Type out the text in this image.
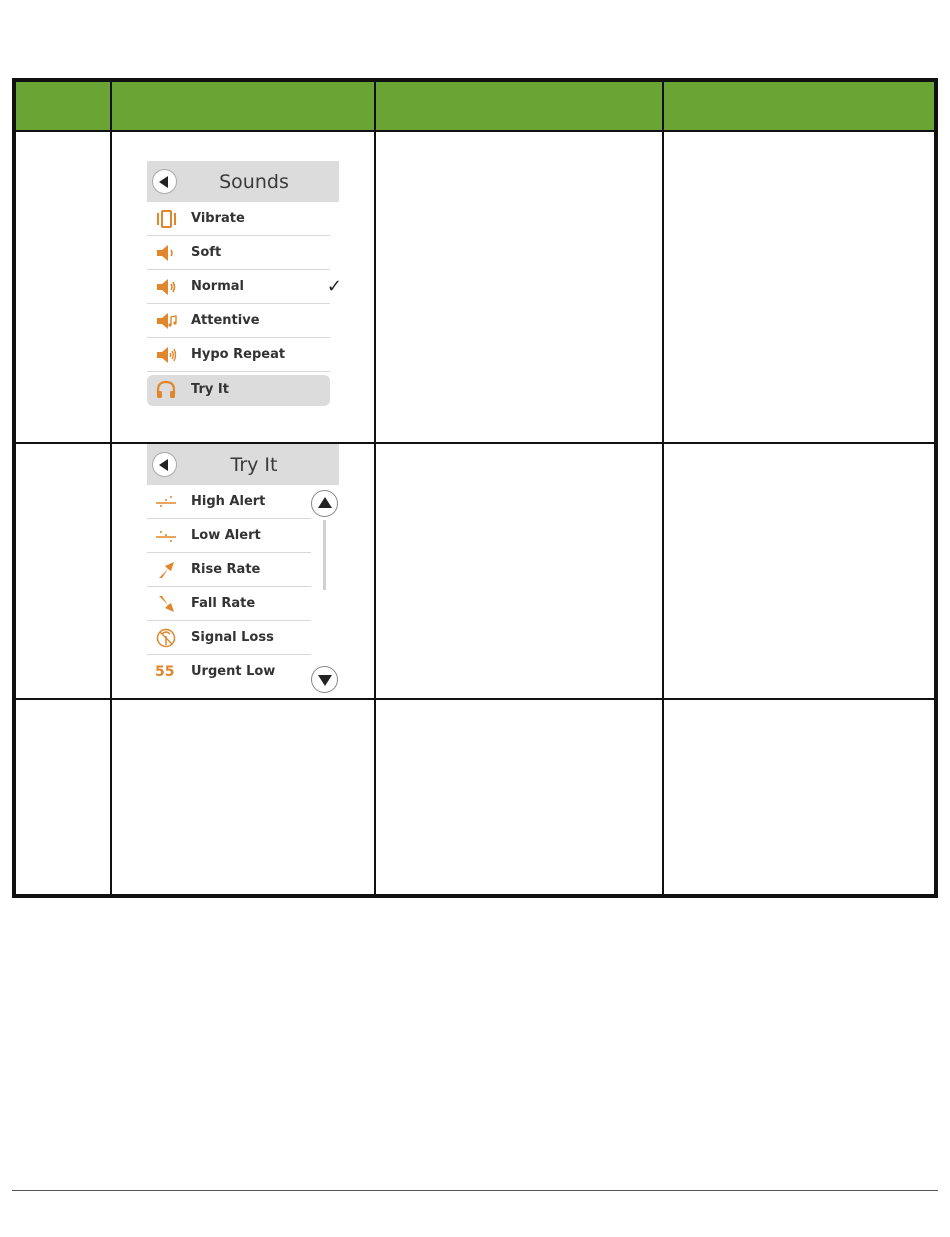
Sounds
Vibrate
Soft
Normal	✓
Attentive
Hypo Repeat
Try It
Try It
High Alert
Low Alert
Rise Rate
Fall Rate
Signal Loss
55 Urgent Low
